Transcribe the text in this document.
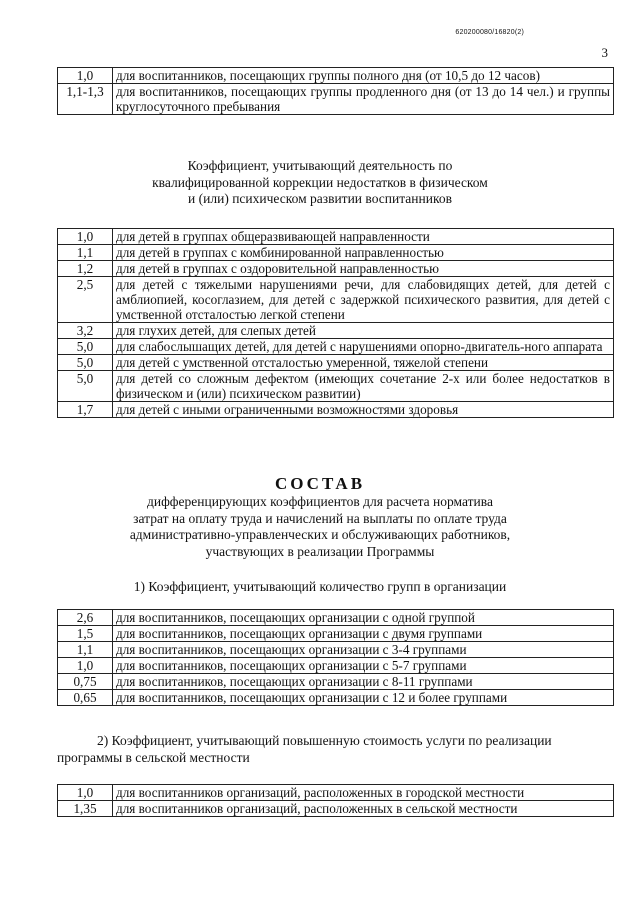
620200080/16820(2)
3
1,0	для воспитанников, посещающих группы полного дня (от 10,5 до 12 часов)
1,1-1,3	для воспитанников, посещающих группы продленного дня (от 13 до 14 чел.) и группы круглосуточного пребывания
Коэффициент, учитывающий деятельность по
квалифицированной коррекции недостатков в физическом
и (или) психическом развитии воспитанников
1,0	для детей в группах общеразвивающей направленности
1,1	для детей в группах с комбинированной направленностью
1,2	для детей в группах с оздоровительной направленностью
2,5	для детей с тяжелыми нарушениями речи, для слабовидящих детей, для детей с амблиопией, косоглазием, для детей с задержкой психического развития, для детей с умственной отсталостью легкой степени
3,2	для глухих детей, для слепых детей
5,0	для слабослышащих детей, для детей с нарушениями опорно-двигатель-ного аппарата
5,0	для детей с умственной отсталостью умеренной, тяжелой степени
5,0	для детей со сложным дефектом (имеющих сочетание 2-х или более недостатков в физическом и (или) психическом развитии)
1,7	для детей с иными ограниченными возможностями здоровья
СОСТАВ
дифференцирующих коэффициентов для расчета норматива
затрат на оплату труда и начислений на выплаты по оплате труда
административно-управленческих и обслуживающих работников,
участвующих в реализации Программы
1) Коэффициент, учитывающий количество групп в организации
2,6	для воспитанников, посещающих организации с одной группой
1,5	для воспитанников, посещающих организации с двумя группами
1,1	для воспитанников, посещающих организации с 3-4 группами
1,0	для воспитанников, посещающих организации с 5-7 группами
0,75	для воспитанников, посещающих организации с 8-11 группами
0,65	для воспитанников, посещающих организации с 12 и более группами
2) Коэффициент, учитывающий повышенную стоимость услуги по реализации программы в сельской местности
1,0	для воспитанников организаций, расположенных в городской местности
1,35	для воспитанников организаций, расположенных в сельской местности
